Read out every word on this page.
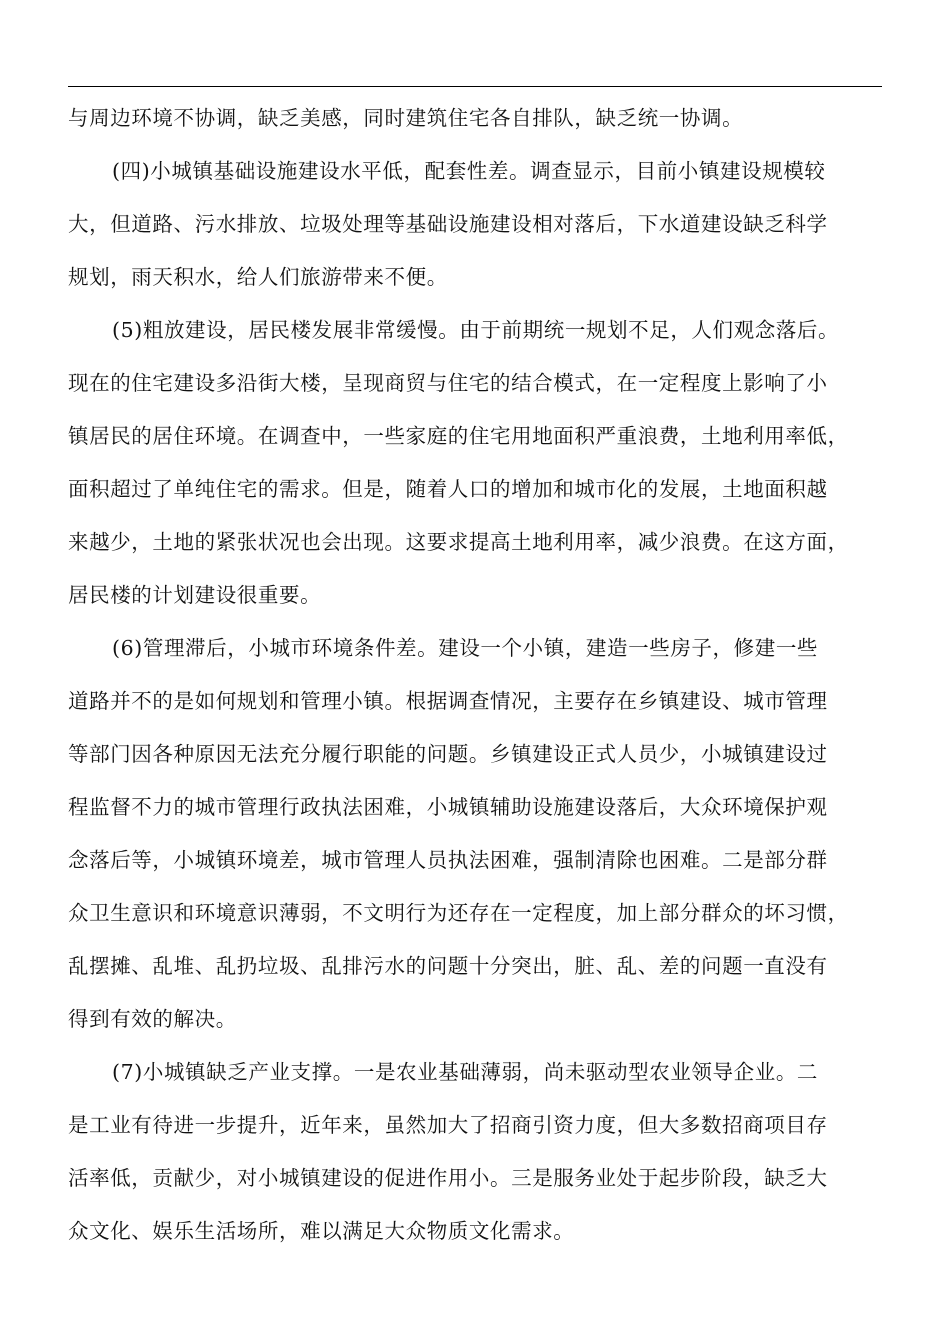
与周边环境不协调，缺乏美感，同时建筑住宅各自排队，缺乏统一协调。
(四)小城镇基础设施建设水平低，配套性差。调查显示，目前小镇建设规模较
大，但道路、污水排放、垃圾处理等基础设施建设相对落后，下水道建设缺乏科学
规划，雨天积水，给人们旅游带来不便。
(5)粗放建设，居民楼发展非常缓慢。由于前期统一规划不足，人们观念落后。
现在的住宅建设多沿街大楼，呈现商贸与住宅的结合模式，在一定程度上影响了小
镇居民的居住环境。在调查中，一些家庭的住宅用地面积严重浪费，土地利用率低，
面积超过了单纯住宅的需求。但是，随着人口的增加和城市化的发展，土地面积越
来越少，土地的紧张状况也会出现。这要求提高土地利用率，减少浪费。在这方面，
居民楼的计划建设很重要。
(6)管理滞后，小城市环境条件差。建设一个小镇，建造一些房子，修建一些
道路并不的是如何规划和管理小镇。根据调查情况，主要存在乡镇建设、城市管理
等部门因各种原因无法充分履行职能的问题。乡镇建设正式人员少，小城镇建设过
程监督不力的城市管理行政执法困难，小城镇辅助设施建设落后，大众环境保护观
念落后等，小城镇环境差，城市管理人员执法困难，强制清除也困难。二是部分群
众卫生意识和环境意识薄弱，不文明行为还存在一定程度，加上部分群众的坏习惯，
乱摆摊、乱堆、乱扔垃圾、乱排污水的问题十分突出，脏、乱、差的问题一直没有
得到有效的解决。
(7)小城镇缺乏产业支撑。一是农业基础薄弱，尚未驱动型农业领导企业。二
是工业有待进一步提升，近年来，虽然加大了招商引资力度，但大多数招商项目存
活率低，贡献少，对小城镇建设的促进作用小。三是服务业处于起步阶段，缺乏大
众文化、娱乐生活场所，难以满足大众物质文化需求。
